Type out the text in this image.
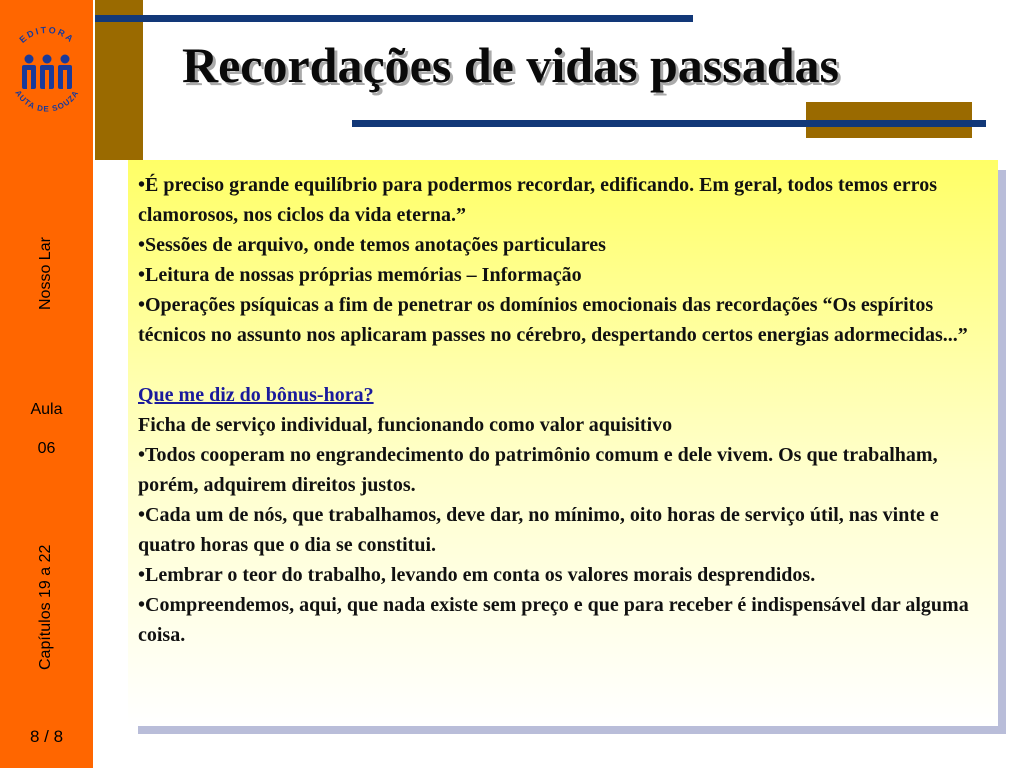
EDITORA
AUTA DE SOUZA
Nosso Lar
Aula
06
Capítulos 19 a 22
8 / 8
Recordações de vidas passadas

•É preciso grande equilíbrio para podermos recordar, edificando. Em geral, todos temos erros clamorosos, nos ciclos da vida eterna.”

•Sessões de arquivo, onde temos anotações particulares

•Leitura de nossas próprias memórias – Informação

•Operações psíquicas a fim de penetrar os domínios emocionais das recordações “Os espíritos técnicos no assunto nos aplicaram passes no cérebro, despertando certos energias adormecidas...”

Que me diz do bônus-hora?

Ficha de serviço individual, funcionando como valor aquisitivo

•Todos cooperam no engrandecimento do patrimônio comum e dele vivem. Os que trabalham, porém, adquirem direitos justos.

•Cada um de nós, que trabalhamos, deve dar, no mínimo, oito horas de serviço útil, nas vinte e quatro horas que o dia se constitui.

•Lembrar o teor do trabalho, levando em conta os valores morais desprendidos.

•Compreendemos, aqui, que nada existe sem preço e que para receber é indispensável dar alguma coisa.
